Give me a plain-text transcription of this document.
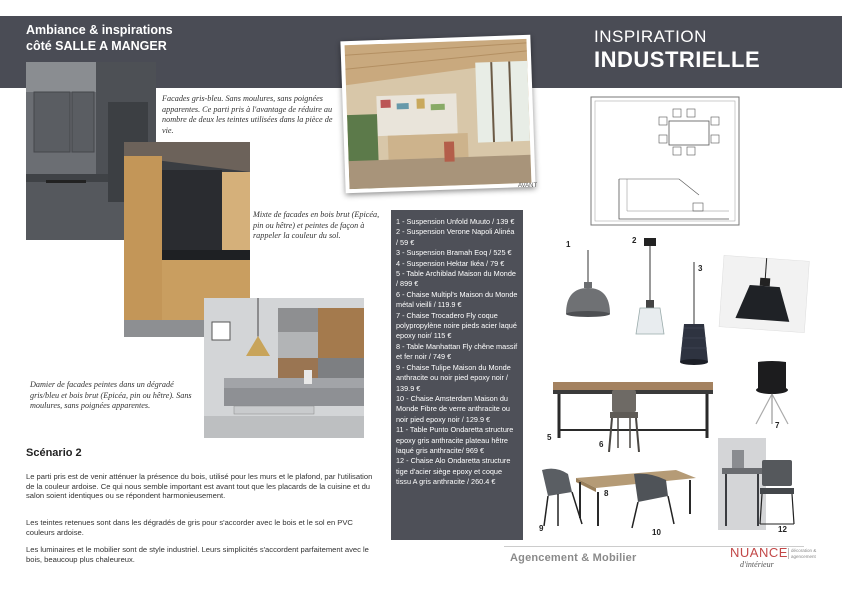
Ambiance & inspirations
côté SALLE A MANGER	INSPIRATION
INDUSTRIELLE
Facades gris-bleu. Sans moulures, sans poignées apparentes. Ce parti pris à l'avantage de réduire au nombre de deux les teintes utilisées dans la pièce de vie.
Mixte de facades en bois brut (Epicéa, pin ou hêtre) et peintes de façon à rappeler la couleur du sol.
Damier de facades peintes dans un dégradé gris/bleu et bois brut (Epicéa, pin ou hêtre). Sans moulures, sans poignées apparentes.
AVANT
1 - Suspension Unfold Muuto / 139 €
2 - Suspension Verone Napoli Alinéa / 59 €
3 - Suspension Bramah Eoq / 525 €
4 - Suspension Hektar Ikéa / 79 €
5 - Table Archiblad Maison du Monde / 899 €
6 - Chaise Multipl's Maison du Monde métal vieilli / 119.9 €
7 - Chaise Trocadero Fly coque polypropylène noire pieds acier laqué epoxy noir/ 115 €
8 - Table Manhattan Fly chêne massif et fer noir / 749 €
9 - Chaise Tulipe Maison du Monde anthracite ou noir pied epoxy noir / 139.9 €
10 - Chaise Amsterdam Maison du Monde Fibre de verre anthracite ou noir pied epoxy noir / 129.9 €
11 - Table Punto Ondaretta structure epoxy gris anthracite plateau hêtre laqué gris anthracite/ 969 €
12 - Chaise Alo Ondaretta structure tige d'acier siège epoxy et coque tissu A gris anthracite / 260.4 €
1	2
3
5
6
7
8
9	10	12
Scénario 2
Le parti pris est de venir atténuer la présence du bois, utilisé pour les murs et le plafond, par l'utilisation de la couleur ardoise. Ce qui nous semble important est avant tout que les placards de la cuisine et du salon soient identiques ou se répondent harmonieusement.
Les teintes retenues sont dans les dégradés de gris pour s'accorder avec le bois et le sol en PVC couleurs ardoise.
Les luminaires et le mobilier sont de style industriel. Leurs simplicités s'accordent parfaitement avec le bois, beaucoup plus chaleureux.	Agencement & Mobilier	NUANCE
d'intérieur
décoration & agencement
